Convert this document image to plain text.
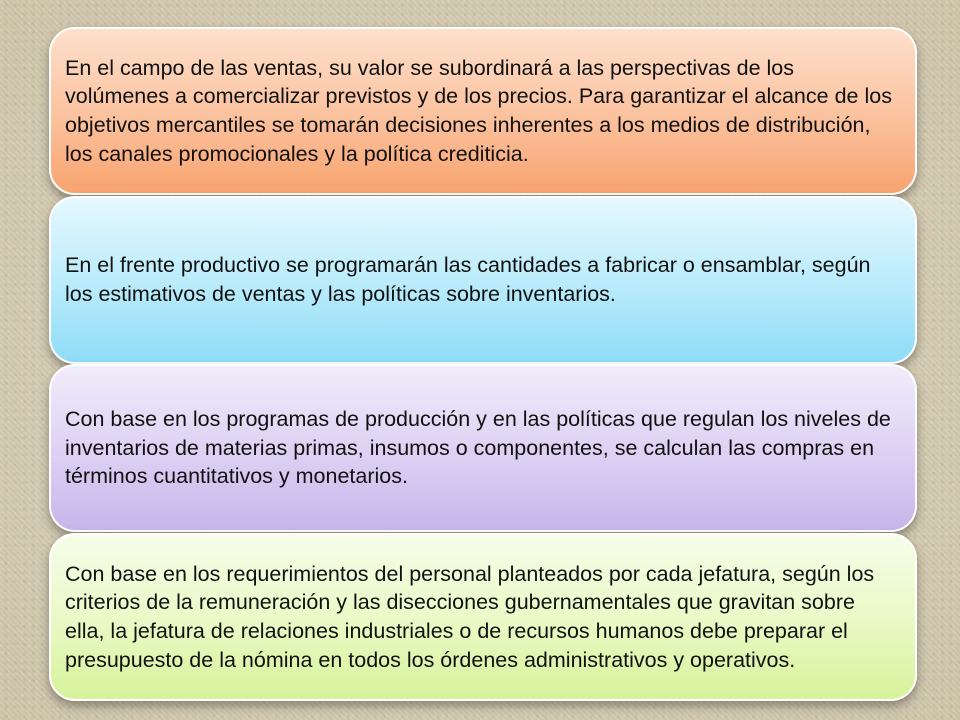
En el campo de las ventas, su valor se subordinará a las perspectivas de los volúmenes a comercializar previstos y de los precios. Para garantizar el alcance de los objetivos mercantiles se tomarán decisiones inherentes a los medios de distribución, los canales promocionales y la política crediticia.
En el frente productivo se programarán las cantidades a fabricar o ensamblar, según los estimativos de ventas y las políticas sobre inventarios.
Con base en los programas de producción y en las políticas que regulan los niveles de inventarios de materias primas, insumos o componentes, se calculan las compras en términos cuantitativos y monetarios.
Con base en los requerimientos del personal planteados por cada jefatura, según los criterios de la remuneración y las disecciones gubernamentales que gravitan sobre ella, la jefatura de relaciones industriales o de recursos humanos debe preparar el presupuesto de la nómina en todos los órdenes administrativos y operativos.
